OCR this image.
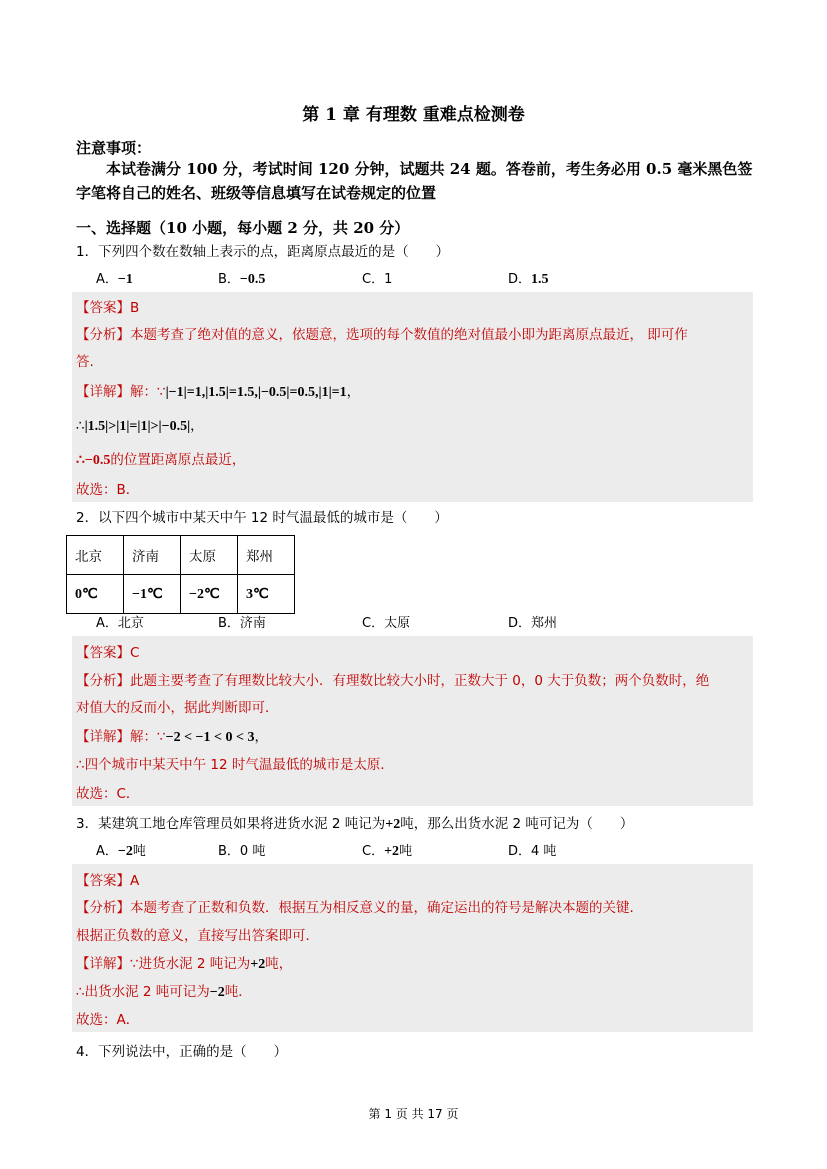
第 1 章 有理数 重难点检测卷
注意事项：
本试卷满分 100 分，考试时间 120 分钟，试题共 24 题。答卷前，考生务必用 0.5 毫米黑色签字笔将自己的姓名、班级等信息填写在试卷规定的位置
一、选择题（10 小题，每小题 2 分，共 20 分）
1．下列四个数在数轴上表示的点，距离原点最近的是（　　）
A．−1	B．−0.5	C．1	D．1.5
【答案】B
【分析】本题考查了绝对值的意义，依题意，选项的每个数值的绝对值最小即为距离原点最近， 即可作
答.
【详解】解：∵|−1|=1,|1.5|=1.5,|−0.5|=0.5,|1|=1，
∴|1.5|>|1|=|1|>|−0.5|，
∴−0.5的位置距离原点最近，
故选：B．
2．以下四个城市中某天中午 12 时气温最低的城市是（　　）
北京	济南	太原	郑州
0℃	−1℃	−2℃	3℃
A．北京	B．济南	C．太原	D．郑州
【答案】C
【分析】此题主要考查了有理数比较大小．有理数比较大小时，正数大于 0，0 大于负数；两个负数时，绝
对值大的反而小，据此判断即可．
【详解】解：∵−2 < −1 < 0 < 3，
∴四个城市中某天中午 12 时气温最低的城市是太原．
故选：C．
3．某建筑工地仓库管理员如果将进货水泥 2 吨记为+2吨，那么出货水泥 2 吨可记为（　　）
A．−2吨	B．0 吨	C．+2吨	D．4 吨
【答案】A
【分析】本题考查了正数和负数．根据互为相反意义的量，确定运出的符号是解决本题的关键．
根据正负数的意义，直接写出答案即可．
【详解】∵进货水泥 2 吨记为+2吨，
∴出货水泥 2 吨可记为−2吨．
故选：A．
4．下列说法中，正确的是（　　）
第 1 页 共 17 页
